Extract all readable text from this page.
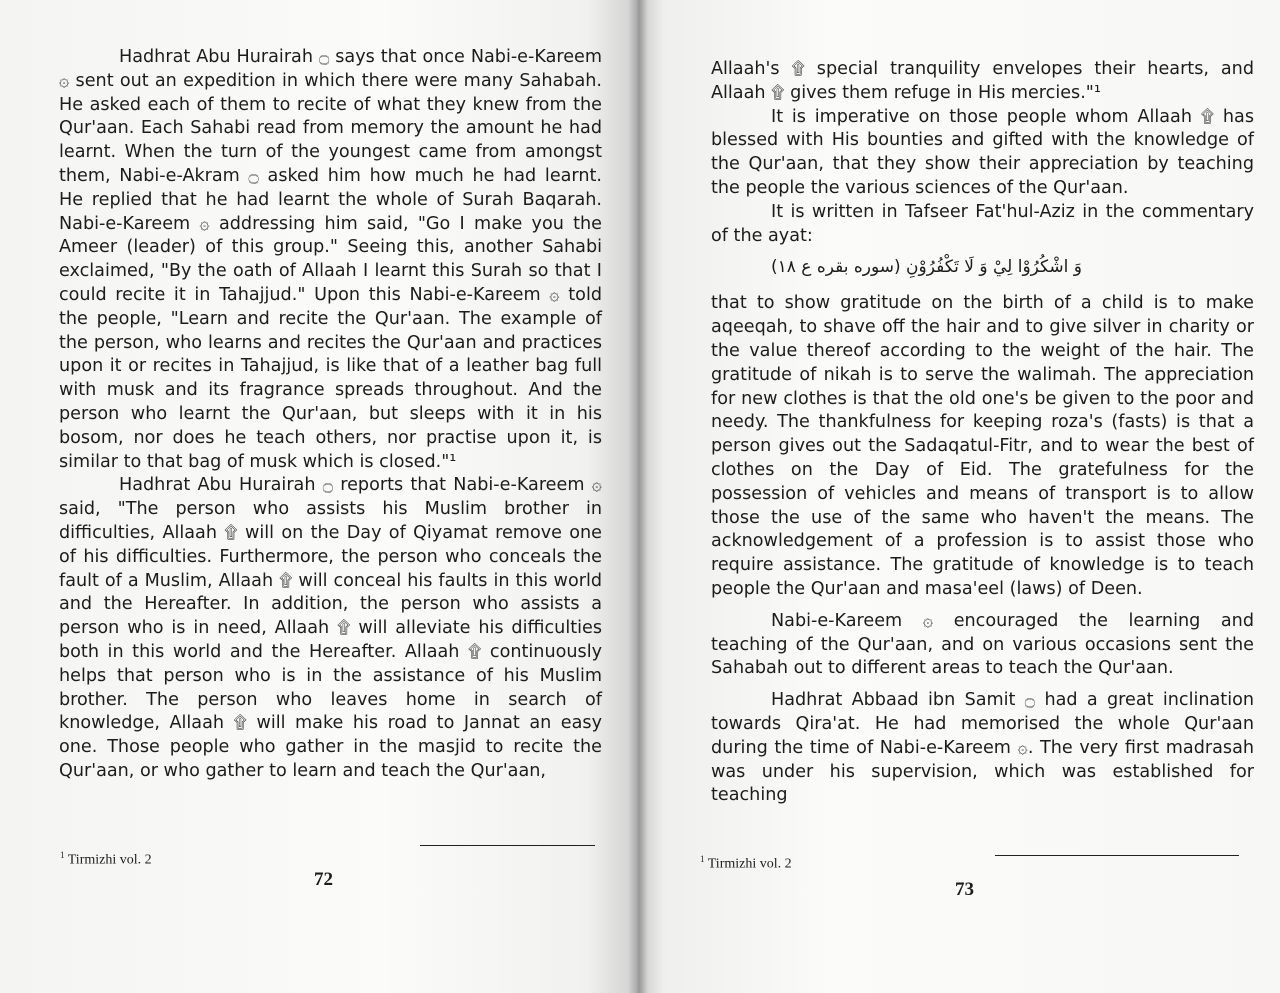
Hadhrat Abu Hurairah ۝ says that once Nabi-e-Kareem ۞ sent out an expedition in which there were many Sahabah. He asked each of them to recite of what they knew from the Qur'aan. Each Sahabi read from memory the amount he had learnt. When the turn of the youngest came from amongst them, Nabi-e-Akram ۝ asked him how much he had learnt. He replied that he had learnt the whole of Surah Baqarah. Nabi-e-Kareem ۞ addressing him said, "Go I make you the Ameer (leader) of this group." Seeing this, another Sahabi exclaimed, "By the oath of Allaah I learnt this Surah so that I could recite it in Tahajjud." Upon this Nabi-e-Kareem ۞ told the people, "Learn and recite the Qur'aan. The example of the person, who learns and recites the Qur'aan and practices upon it or recites in Tahajjud, is like that of a leather bag full with musk and its fragrance spreads throughout. And the person who learnt the Qur'aan, but sleeps with it in his bosom, nor does he teach others, nor practise upon it, is similar to that bag of musk which is closed."¹

Hadhrat Abu Hurairah ۝ reports that Nabi-e-Kareem ۞ said, "The person who assists his Muslim brother in difficulties, Allaah ۩ will on the Day of Qiyamat remove one of his difficulties. Furthermore, the person who conceals the fault of a Muslim, Allaah ۩ will conceal his faults in this world and the Hereafter. In addition, the person who assists a person who is in need, Allaah ۩ will alleviate his difficulties both in this world and the Hereafter. Allaah ۩ continuously helps that person who is in the assistance of his Muslim brother. The person who leaves home in search of knowledge, Allaah ۩ will make his road to Jannat an easy one. Those people who gather in the masjid to recite the Qur'aan, or who gather to learn and teach the Qur'aan,

$^1$ Tirmizhi vol. 2
72

Allaah's ۩ special tranquility envelopes their hearts, and Allaah ۩ gives them refuge in His mercies."¹

It is imperative on those people whom Allaah ۩ has blessed with His bounties and gifted with the knowledge of the Qur'aan, that they show their appreciation by teaching the people the various sciences of the Qur'aan.

It is written in Tafseer Fat'hul-Aziz in the commentary of the ayat:

وَ اشْكُرُوْا لِيْ وَ لَا تَكْفُرُوْنِ (سوره بقره ع ١٨)

that to show gratitude on the birth of a child is to make aqeeqah, to shave off the hair and to give silver in charity or the value thereof according to the weight of the hair. The gratitude of nikah is to serve the walimah. The appreciation for new clothes is that the old one's be given to the poor and needy. The thankfulness for keeping roza's (fasts) is that a person gives out the Sadaqatul-Fitr, and to wear the best of clothes on the Day of Eid. The gratefulness for the possession of vehicles and means of transport is to allow those the use of the same who haven't the means. The acknowledgement of a profession is to assist those who require assistance. The gratitude of knowledge is to teach people the Qur'aan and masa'eel (laws) of Deen.

Nabi-e-Kareem ۞ encouraged the learning and teaching of the Qur'aan, and on various occasions sent the Sahabah out to different areas to teach the Qur'aan.

Hadhrat Abbaad ibn Samit ۝ had a great inclination towards Qira'at. He had memorised the whole Qur'aan during the time of Nabi-e-Kareem ۞. The very first madrasah was under his supervision, which was established for teaching

$^1$ Tirmizhi vol. 2
73
